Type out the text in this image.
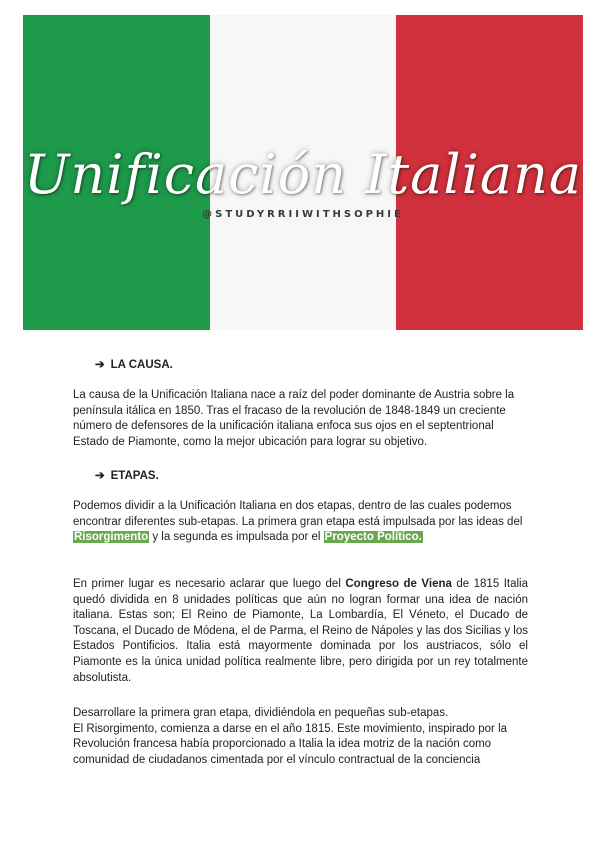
Unificación Italiana
@STUDYRRIIWITHSOPHIE
➔ LA CAUSA.
La causa de la Unificación Italiana nace a raíz del poder dominante de Austria sobre la península itálica en 1850. Tras el fracaso de la revolución de 1848-1849 un creciente número de defensores de la unificación italiana enfoca sus ojos en el septentrional Estado de Piamonte, como la mejor ubicación para lograr su objetivo.
➔ ETAPAS.
Podemos dividir a la Unificación Italiana en dos etapas, dentro de las cuales podemos encontrar diferentes sub-etapas. La primera gran etapa está impulsada por las ideas del Risorgimento y la segunda es impulsada por el Proyecto Político.
En primer lugar es necesario aclarar que luego del Congreso de Viena de 1815 Italia quedó dividida en 8 unidades políticas que aún no logran formar una idea de nación italiana. Estas son; El Reino de Piamonte, La Lombardía, El Véneto, el Ducado de Toscana, el Ducado de Módena, el de Parma, el Reino de Nápoles y las dos Sicilias y los Estados Pontificios. Italia está mayormente dominada por los austriacos, sólo el Piamonte es la única unidad política realmente libre, pero dirigida por un rey totalmente absolutista.
Desarrollare la primera gran etapa, dividiéndola en pequeñas sub-etapas.
El Risorgimento, comienza a darse en el año 1815. Este movimiento, inspirado por la Revolución francesa había proporcionado a Italia la idea motriz de la nación como comunidad de ciudadanos cimentada por el vínculo contractual de la conciencia
